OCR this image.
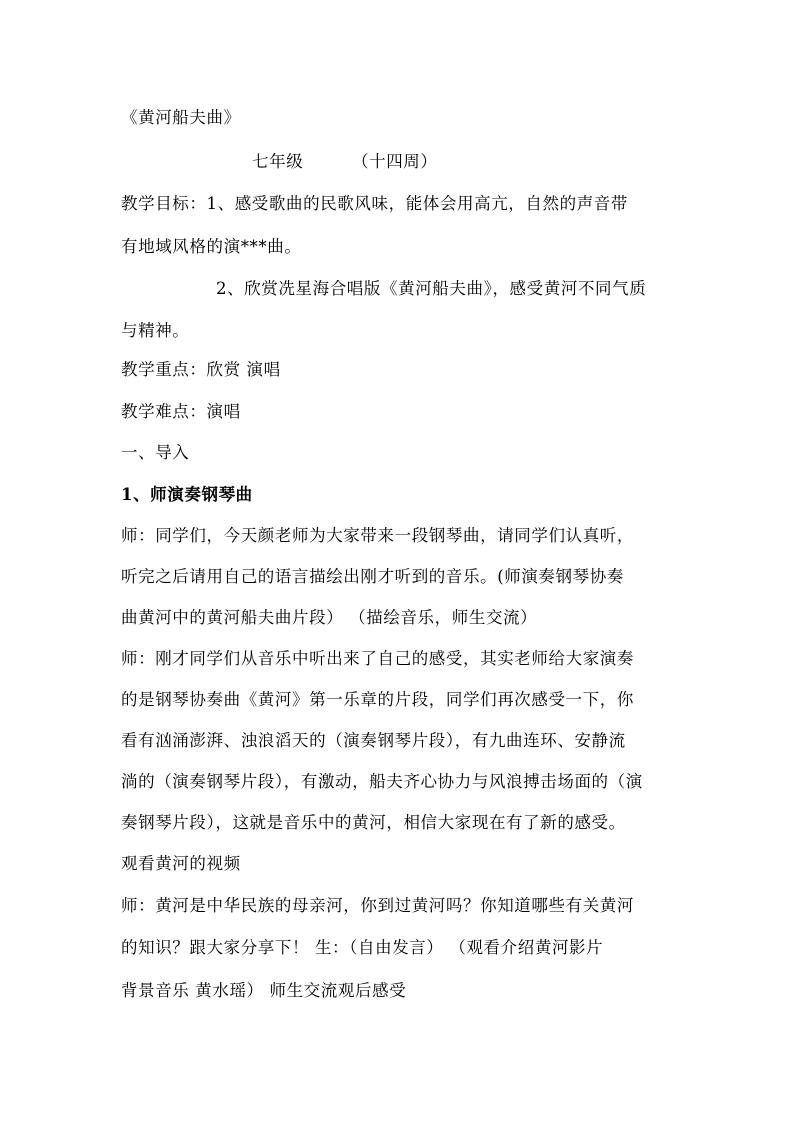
《黄河船夫曲》
七年级	（十四周）
教学目标：1、感受歌曲的民歌风味，能体会用高亢，自然的声音带
有地域风格的演***曲。
2、欣赏冼星海合唱版《黄河船夫曲》，感受黄河不同气质
与精神。
教学重点：欣赏 演唱
教学难点：演唱
一、导入
1、师演奏钢琴曲
师：同学们，今天颜老师为大家带来一段钢琴曲，请同学们认真听，
听完之后请用自己的语言描绘出刚才听到的音乐。(师演奏钢琴协奏
曲黄河中的黄河船夫曲片段） （描绘音乐，师生交流）
师：刚才同学们从音乐中听出来了自己的感受，其实老师给大家演奏
的是钢琴协奏曲《黄河》第一乐章的片段，同学们再次感受一下，你
看有汹涌澎湃、浊浪滔天的（演奏钢琴片段），有九曲连环、安静流
淌的（演奏钢琴片段），有激动，船夫齐心协力与风浪搏击场面的（演
奏钢琴片段），这就是音乐中的黄河，相信大家现在有了新的感受。
观看黄河的视频
师：黄河是中华民族的母亲河，你到过黄河吗？你知道哪些有关黄河
的知识？跟大家分享下！ 生：（自由发言） （观看介绍黄河影片
背景音乐 黄水瑶） 师生交流观后感受
